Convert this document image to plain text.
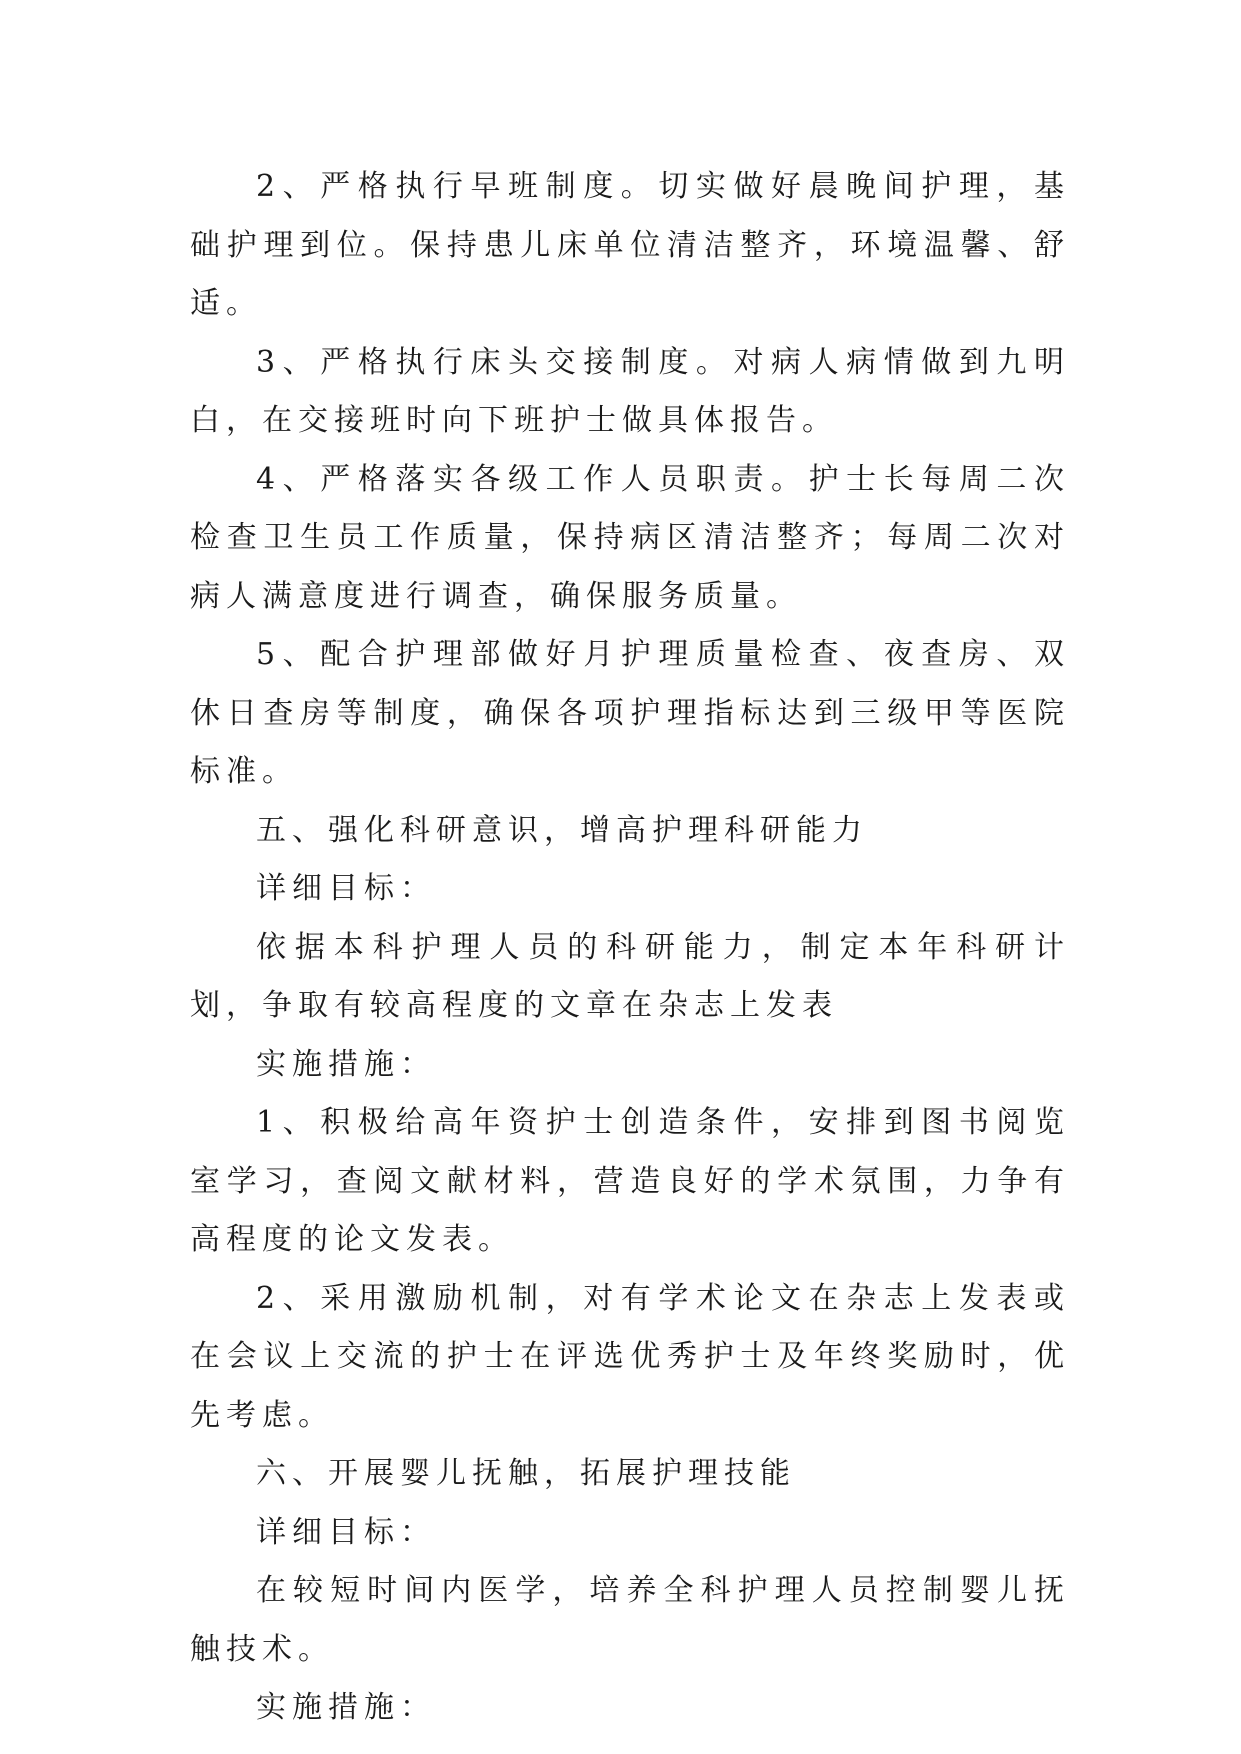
2、严格执行早班制度。切实做好晨晚间护理，基础护理到位。保持患儿床单位清洁整齐，环境温馨、舒适。

3、严格执行床头交接制度。对病人病情做到九明白，在交接班时向下班护士做具体报告。

4、严格落实各级工作人员职责。护士长每周二次检查卫生员工作质量，保持病区清洁整齐；每周二次对病人满意度进行调查，确保服务质量。

5、配合护理部做好月护理质量检查、夜查房、双休日查房等制度，确保各项护理指标达到三级甲等医院标准。

五、强化科研意识，增高护理科研能力

详细目标：

依据本科护理人员的科研能力，制定本年科研计划，争取有较高程度的文章在杂志上发表

实施措施：

1、积极给高年资护士创造条件，安排到图书阅览室学习，查阅文献材料，营造良好的学术氛围，力争有高程度的论文发表。

2、采用激励机制，对有学术论文在杂志上发表或在会议上交流的护士在评选优秀护士及年终奖励时，优先考虑。

六、开展婴儿抚触，拓展护理技能

详细目标：

在较短时间内医学，培养全科护理人员控制婴儿抚触技术。

实施措施：
